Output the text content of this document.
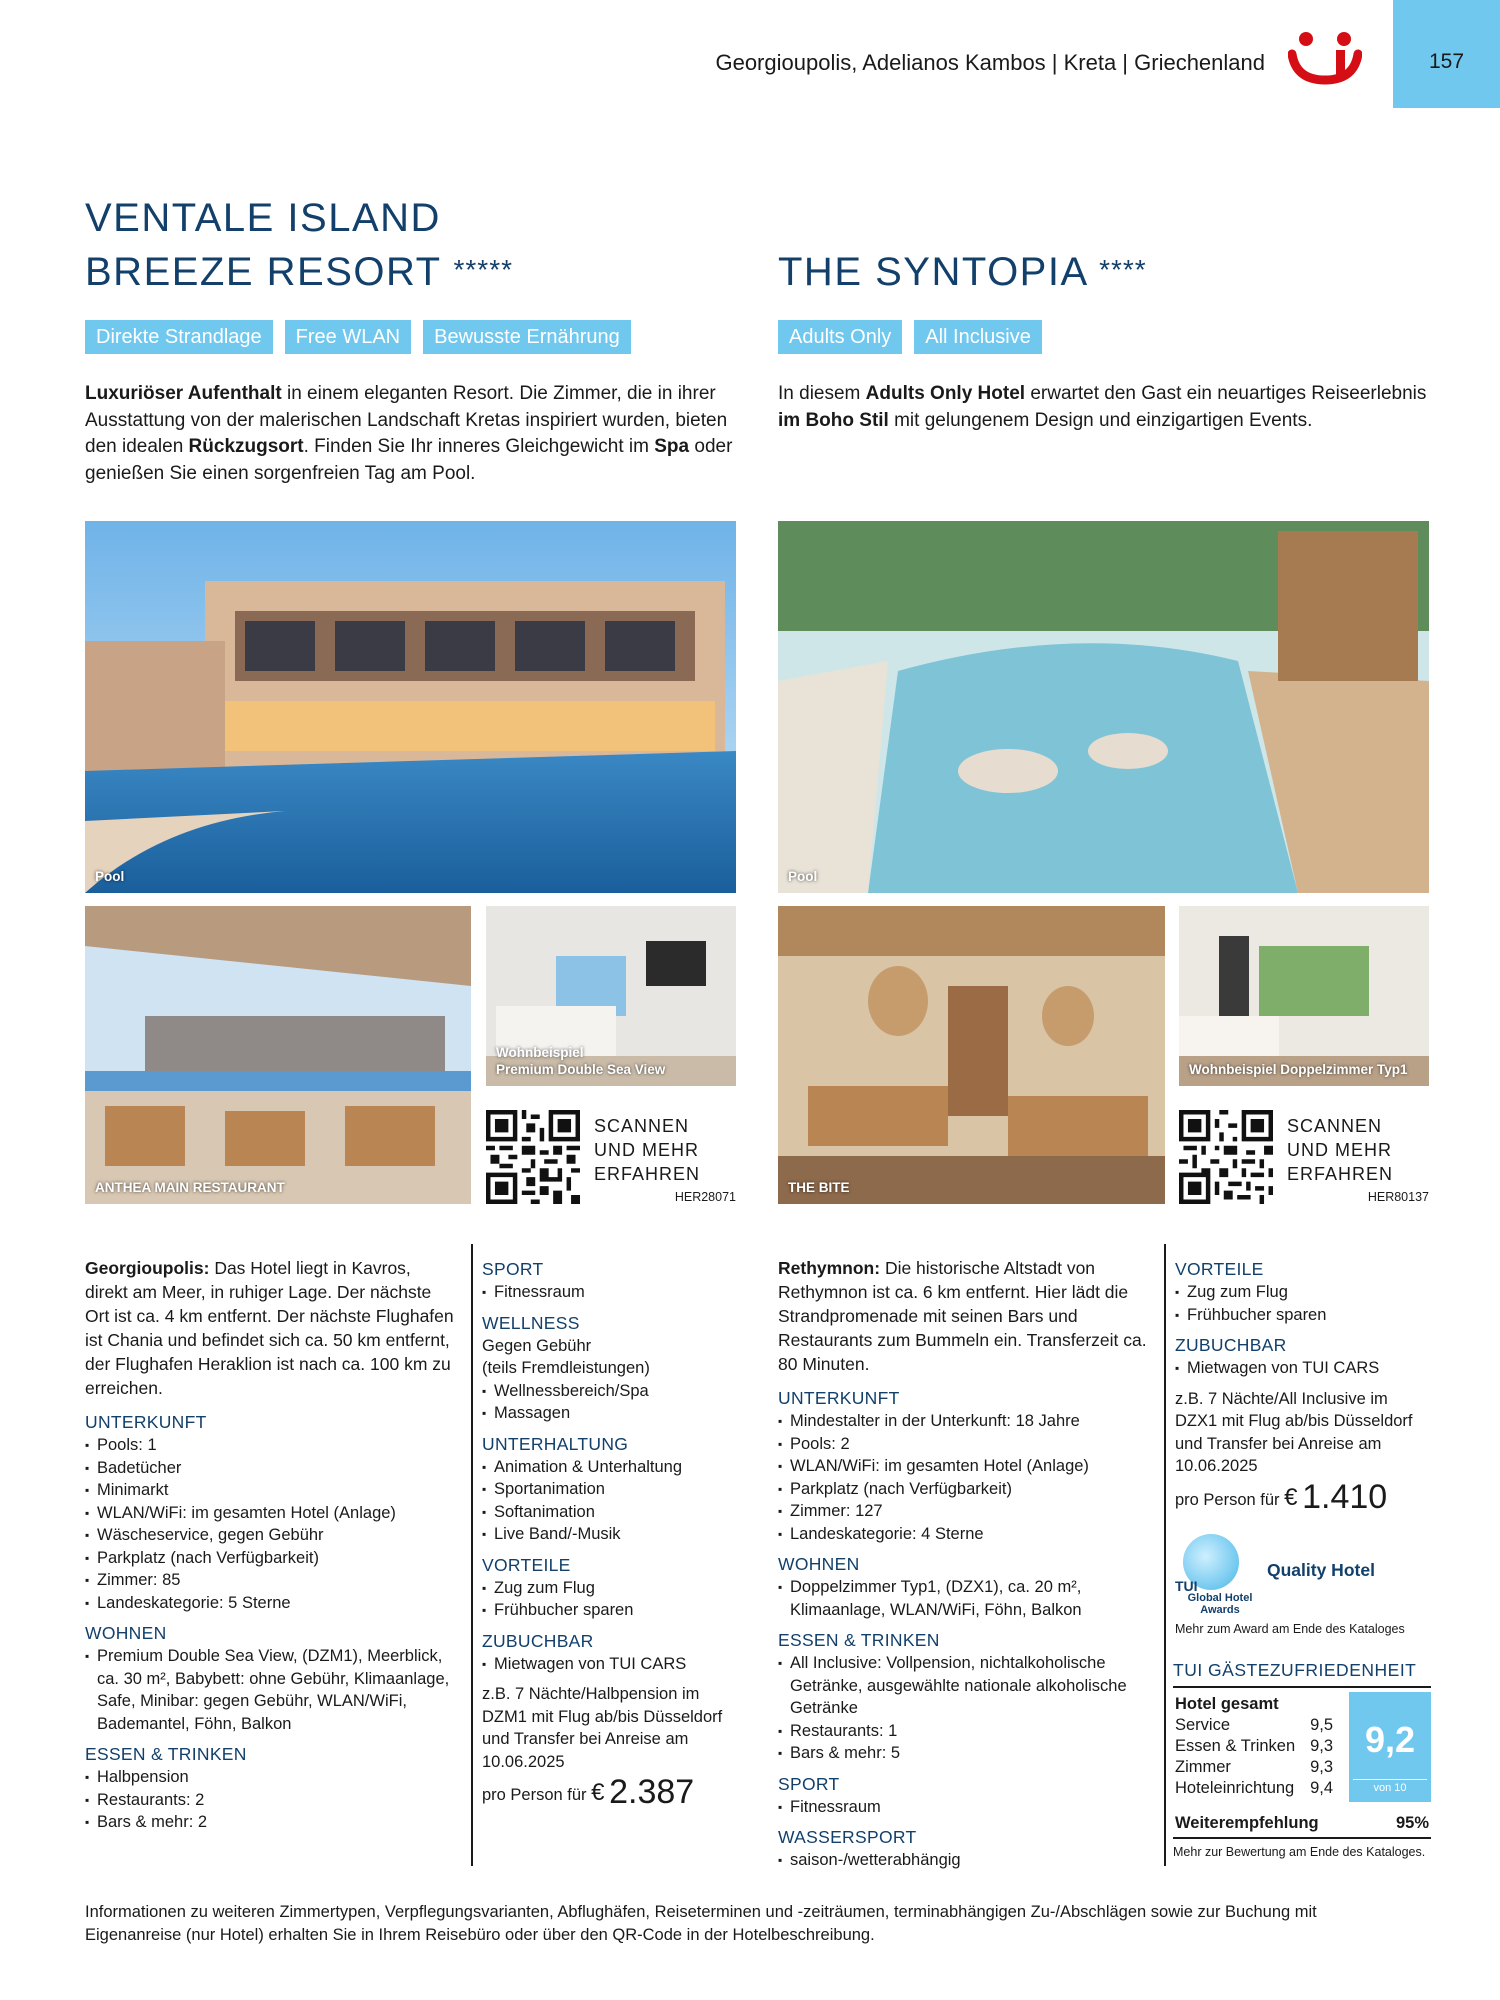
Georgioupolis, Adelianos Kambos | Kreta | Griechenland	157
VENTALE ISLAND
BREEZE RESORT *****	THE SYNTOPIA ****
Direkte Strandlage	Free WLAN	Bewusste Ernährung	Adults Only	All Inclusive
Luxuriöser Aufenthalt in einem eleganten Resort. Die Zimmer, die in ihrer Ausstattung von der malerischen Landschaft Kretas inspiriert wurden, bieten den idealen Rückzugsort. Finden Sie Ihr inneres Gleichgewicht im Spa oder genießen Sie einen sorgenfreien Tag am Pool.
In diesem Adults Only Hotel erwartet den Gast ein neuartiges Reiseerlebnis im Boho Stil mit gelungenem Design und einzigartigen Events.
Pool
ANTHEA MAIN RESTAURANT
Wohnbeispiel
Premium Double Sea View
SCANNEN
UND MEHR
ERFAHREN
HER28071
Pool
THE BITE
Wohnbeispiel Doppelzimmer Typ1
SCANNEN
UND MEHR
ERFAHREN
HER80137

Georgioupolis: Das Hotel liegt in Kavros, direkt am Meer, in ruhiger Lage. Der nächste Ort ist ca. 4 km entfernt. Der nächste Flughafen ist Chania und befindet sich ca. 50 km entfernt, der Flughafen Heraklion ist nach ca. 100 km zu erreichen.

UNTERKUNFT
▪ Pools: 1
▪ Badetücher
▪ Minimarkt
▪ WLAN/WiFi: im gesamten Hotel (Anlage)
▪ Wäscheservice, gegen Gebühr
▪ Parkplatz (nach Verfügbarkeit)
▪ Zimmer: 85
▪ Landeskategorie: 5 Sterne
WOHNEN
▪ Premium Double Sea View, (DZM1), Meerblick, ca. 30 m², Babybett: ohne Gebühr, Klimaanlage, Safe, Minibar: gegen Gebühr, WLAN/WiFi, Bademantel, Föhn, Balkon
ESSEN & TRINKEN
▪ Halbpension
▪ Restaurants: 2
▪ Bars & mehr: 2
SPORT
▪ Fitnessraum
WELLNESS
Gegen Gebühr
(teils Fremdleistungen)
▪ Wellnessbereich/Spa
▪ Massagen
UNTERHALTUNG
▪ Animation & Unterhaltung
▪ Sportanimation
▪ Softanimation
▪ Live Band/-Musik
VORTEILE
▪ Zug zum Flug
▪ Frühbucher sparen
ZUBUCHBAR
▪ Mietwagen von TUI CARS

z.B. 7 Nächte/Halbpension im DZM1 mit Flug ab/bis Düsseldorf und Transfer bei Anreise am 10.06.2025

pro Person für € 2.387

Rethymnon: Die historische Altstadt von Rethymnon ist ca. 6 km entfernt. Hier lädt die Strandpromenade mit seinen Bars und Restaurants zum Bummeln ein. Transferzeit ca. 80 Minuten.

UNTERKUNFT
▪ Mindestalter in der Unterkunft: 18 Jahre
▪ Pools: 2
▪ WLAN/WiFi: im gesamten Hotel (Anlage)
▪ Parkplatz (nach Verfügbarkeit)
▪ Zimmer: 127
▪ Landeskategorie: 4 Sterne
WOHNEN
▪ Doppelzimmer Typ1, (DZX1), ca. 20 m², Klimaanlage, WLAN/WiFi, Föhn, Balkon
ESSEN & TRINKEN
▪ All Inclusive: Vollpension, nichtalkoholische Getränke, ausgewählte nationale alkoholische Getränke
▪ Restaurants: 1
▪ Bars & mehr: 5
SPORT
▪ Fitnessraum
WASSERSPORT
▪ saison-/wetterabhängig
VORTEILE
▪ Zug zum Flug
▪ Frühbucher sparen
ZUBUCHBAR
▪ Mietwagen von TUI CARS

z.B. 7 Nächte/All Inclusive im DZX1 mit Flug ab/bis Düsseldorf und Transfer bei Anreise am 10.06.2025

pro Person für € 1.410

TUI
Global Hotel
Awards
Quality Hotel
Mehr zum Award am Ende des Kataloges
TUI GÄSTEZUFRIEDENHEIT
Hotel gesamt
Service	9,5
Essen & Trinken 9,3
Zimmer	9,3
Hoteleinrichtung 9,4
9,2
von 10
Weiterempfehlung	95%
Mehr zur Bewertung am Ende des Kataloges.
Informationen zu weiteren Zimmertypen, Verpflegungsvarianten, Abflughäfen, Reiseterminen und -zeiträumen, terminabhängigen Zu-/Abschlägen sowie zur Buchung mit Eigenanreise (nur Hotel) erhalten Sie in Ihrem Reisebüro oder über den QR-Code in der Hotelbeschreibung.
